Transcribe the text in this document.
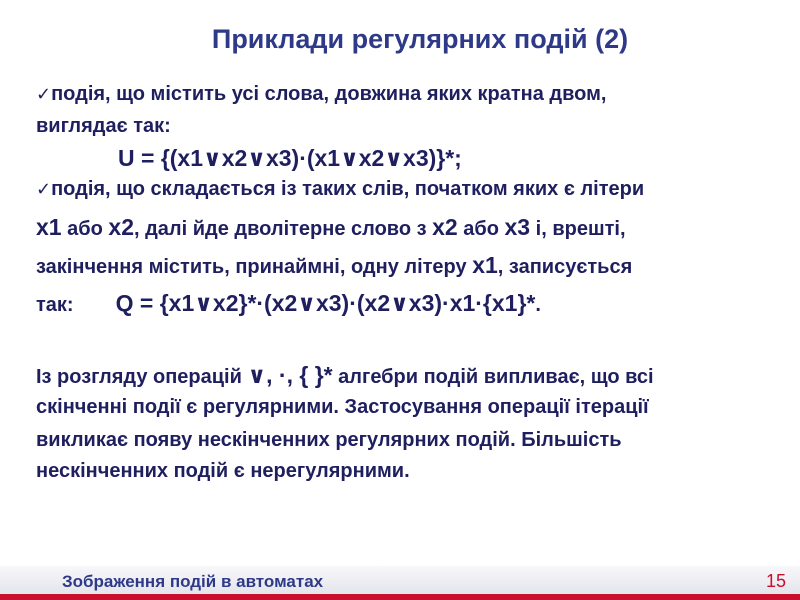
Приклади регулярних подій (2)
✓подія, що містить усі слова, довжина яких кратна двом,
виглядає так:
U = {(x1∨x2∨x3)·(x1∨x2∨x3)}*;
✓подія, що складається із таких слів, початком яких є літери
x1 або x2, далі йде дволітерне слово з x2 або x3 і, врешті,
закінчення містить, принаймні, одну літеру x1, записується
так: Q = {x1∨x2}*·(x2∨x3)·(x2∨x3)·x1·{x1}*.
Із розгляду операцій ∨, ·, { }* алгебри подій випливає, що всі
скінченні події є регулярними. Застосування операції ітерації
викликає появу нескінченних регулярних подій. Більшість
нескінченних подій є нерегулярними.
Зображення подій в автоматах	15
